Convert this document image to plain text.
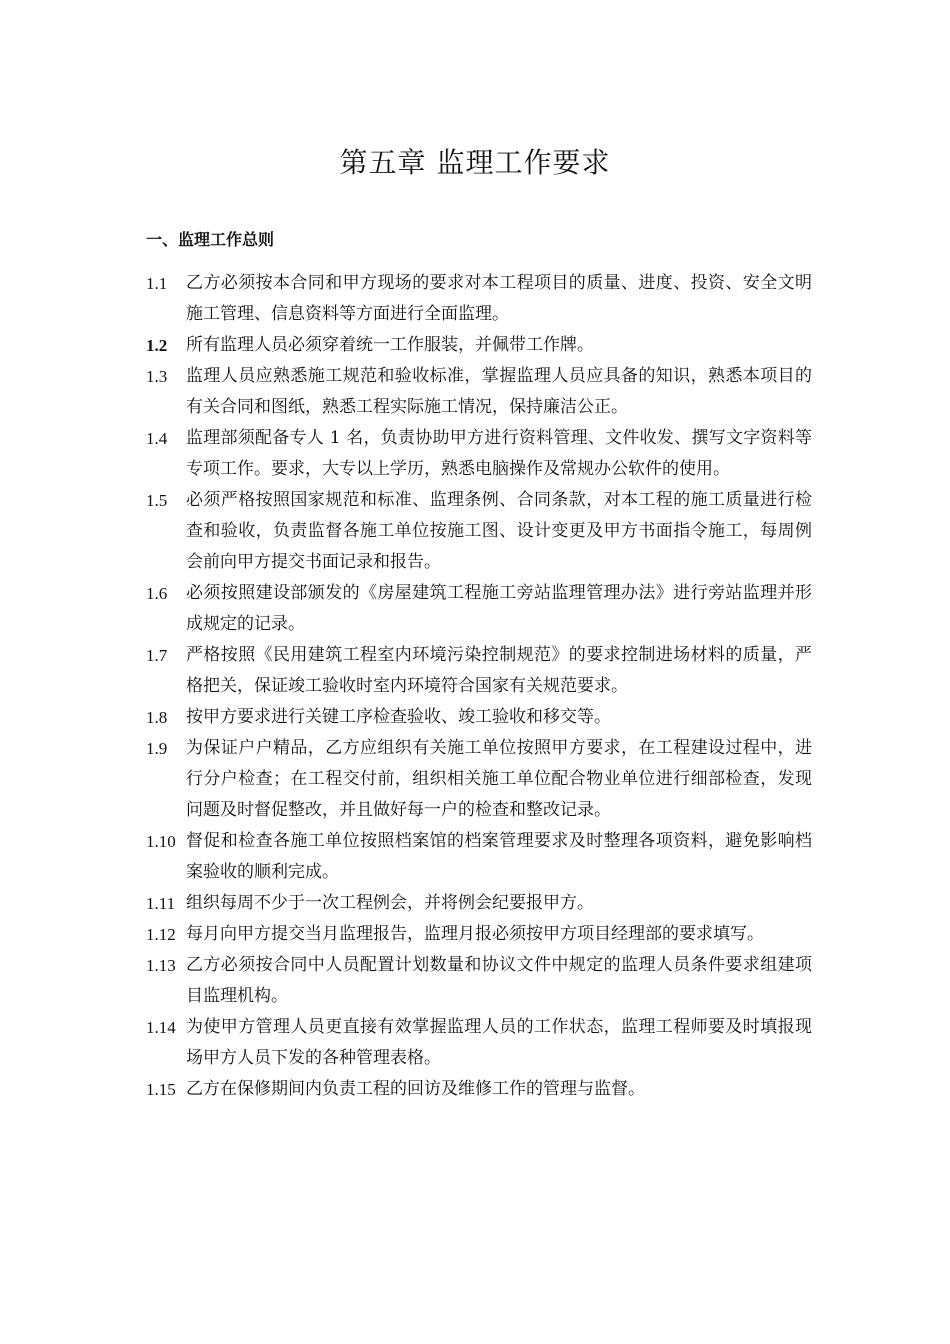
第五章 监理工作要求
一、监理工作总则
1.1	乙方必须按本合同和甲方现场的要求对本工程项目的质量、进度、投资、安全文明施工管理、信息资料等方面进行全面监理。
1.2	所有监理人员必须穿着统一工作服装，并佩带工作牌。
1.3	监理人员应熟悉施工规范和验收标准，掌握监理人员应具备的知识，熟悉本项目的有关合同和图纸，熟悉工程实际施工情况，保持廉洁公正。
1.4	监理部须配备专人 1 名，负责协助甲方进行资料管理、文件收发、撰写文字资料等专项工作。要求，大专以上学历，熟悉电脑操作及常规办公软件的使用。
1.5	必须严格按照国家规范和标准、监理条例、合同条款，对本工程的施工质量进行检查和验收，负责监督各施工单位按施工图、设计变更及甲方书面指令施工，每周例会前向甲方提交书面记录和报告。
1.6	必须按照建设部颁发的《房屋建筑工程施工旁站监理管理办法》进行旁站监理并形成规定的记录。
1.7	严格按照《民用建筑工程室内环境污染控制规范》的要求控制进场材料的质量，严格把关，保证竣工验收时室内环境符合国家有关规范要求。
1.8	按甲方要求进行关键工序检查验收、竣工验收和移交等。
1.9	为保证户户精品，乙方应组织有关施工单位按照甲方要求，在工程建设过程中，进行分户检查；在工程交付前，组织相关施工单位配合物业单位进行细部检查，发现问题及时督促整改，并且做好每一户的检查和整改记录。
1.10 督促和检查各施工单位按照档案馆的档案管理要求及时整理各项资料，避免影响档案验收的顺利完成。
1.11 组织每周不少于一次工程例会，并将例会纪要报甲方。
1.12 每月向甲方提交当月监理报告，监理月报必须按甲方项目经理部的要求填写。
1.13 乙方必须按合同中人员配置计划数量和协议文件中规定的监理人员条件要求组建项目监理机构。
1.14 为使甲方管理人员更直接有效掌握监理人员的工作状态，监理工程师要及时填报现场甲方人员下发的各种管理表格。
1.15 乙方在保修期间内负责工程的回访及维修工作的管理与监督。
